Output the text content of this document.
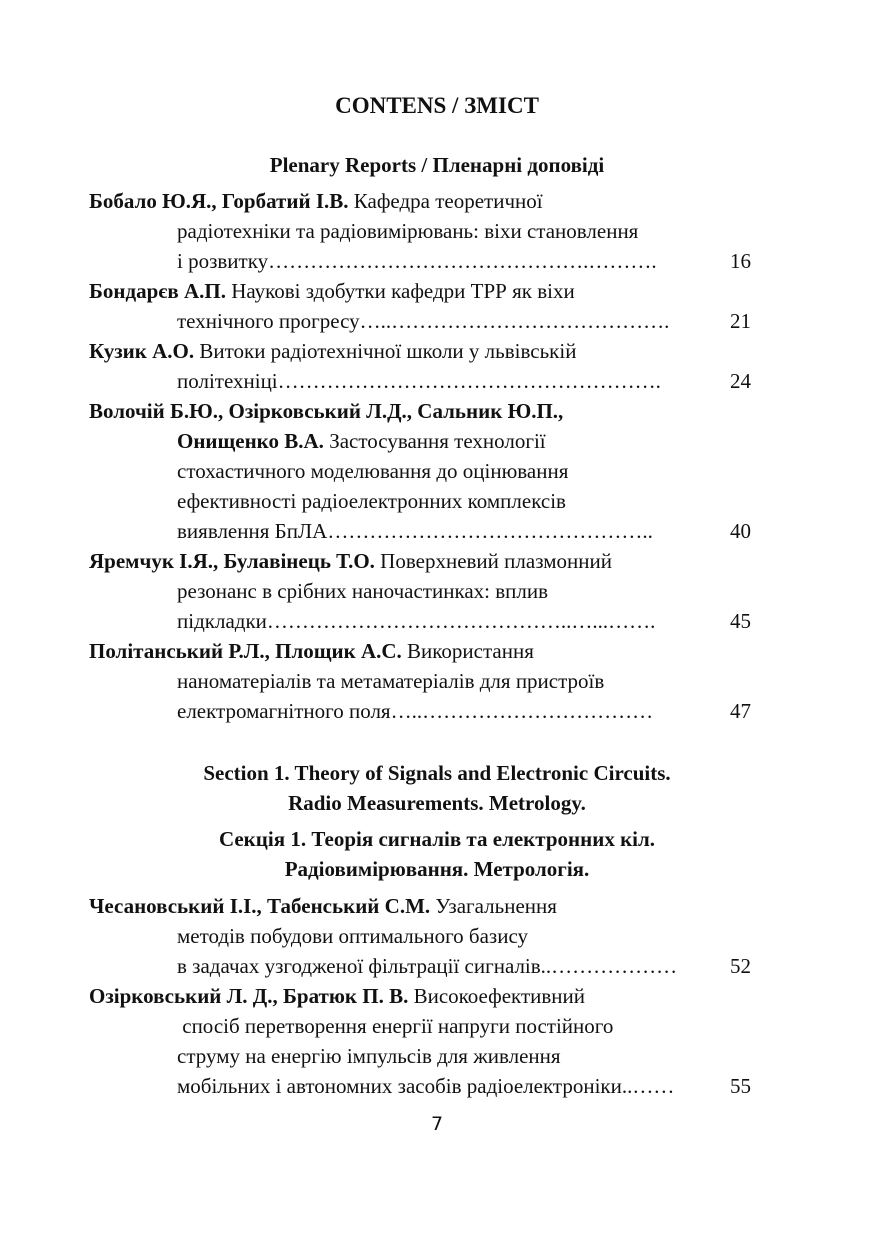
CONTENS / ЗМІСТ
Plenary Reports / Пленарні доповіді
Бобало Ю.Я., Горбатий І.В. Кафедра теоретичної
радіотехніки та радіовимірювань: віхи становлення
і розвитку……………………………………….……….	16
Бондарєв А.П. Наукові здобутки кафедри ТРР як віхи
технічного прогресу…..………………………………….	21
Кузик А.О. Витоки радіотехнічної школи у львівській
політехніці……………………………………………….	24
Волочій Б.Ю., Озірковський Л.Д., Сальник Ю.П.,
Онищенко В.А. Застосування технології
стохастичного моделювання до оцінювання
ефективності радіоелектронних комплексів
виявлення БпЛА………………………………………..	40
Яремчук І.Я., Булавінець Т.О. Поверхневий плазмонний
резонанс в срібних наночастинках: вплив
підкладки……………………………………..…...…….	45
Політанський Р.Л., Площик А.С. Використання
наноматеріалів та метаматеріалів для пристроїв
електромагнітного поля…..……………………………	47
Section 1. Theory of Signals and Electronic Circuits.
Radio Measurements. Metrology.
Секція 1. Теорія сигналів та електронних кіл.
Радіовимірювання. Метрологія.
Чесановський І.І., Табенський С.М. Узагальнення
методів побудови оптимального базису
в задачах узгодженої фільтрації сигналів..………………	52
Озірковський Л. Д., Братюк П. В. Високоефективний
спосіб перетворення енергії напруги постійного
струму на енергію імпульсів для живлення
мобільних і автономних засобів радіоелектроніки..……	55
7
